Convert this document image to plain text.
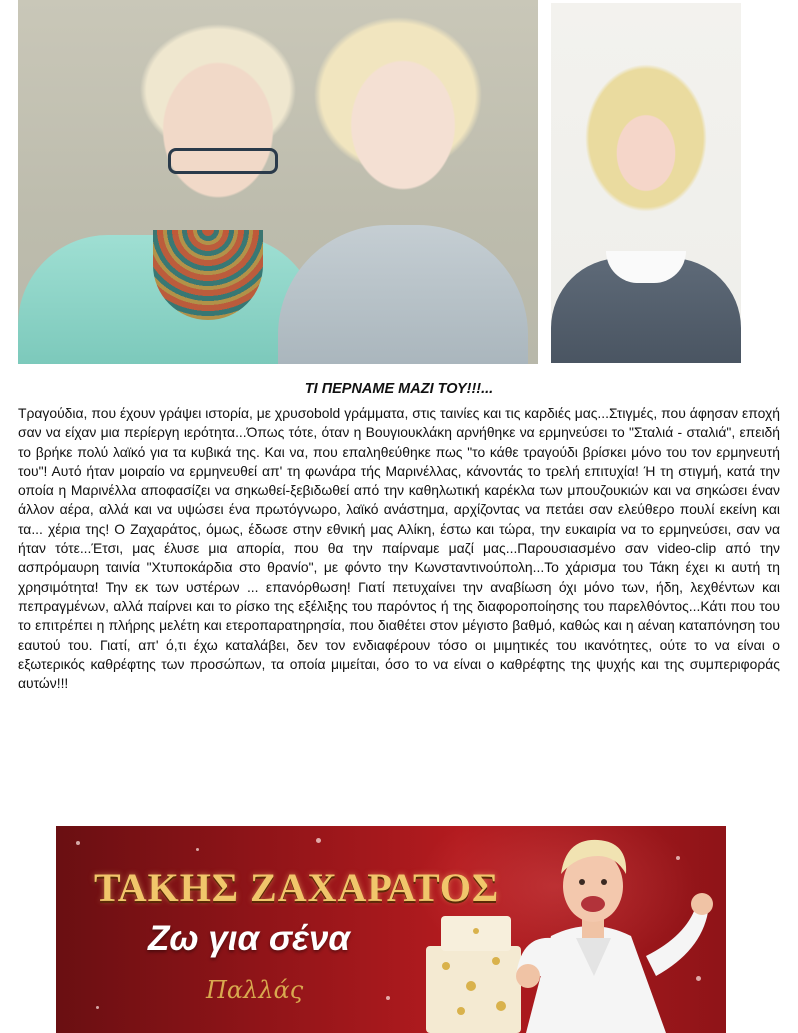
ΤΙ ΠΕΡΝΑΜΕ ΜΑΖΙ ΤΟΥ!!!...

Τραγούδια, που έχουν γράψει ιστορία, με χρυσοbold γράμματα, στις ταινίες και τις καρδιές μας...Στιγμές, που άφησαν εποχή σαν να είχαν μια περίεργη ιερότητα...Όπως τότε, όταν η Βουγιουκλάκη αρνήθηκε να ερμηνεύσει το "Σταλιά - σταλιά", επειδή το βρήκε πολύ λαϊκό για τα κυβικά της. Και να, που επαληθεύθηκε πως "το κάθε τραγούδι βρίσκει μόνο του τον ερμηνευτή του"! Αυτό ήταν μοιραίο να ερμηνευθεί απ' τη φωνάρα τής Μαρινέλλας, κάνοντάς το τρελή επιτυχία! Ή τη στιγμή, κατά την οποία η Μαρινέλλα αποφασίζει να σηκωθεί-ξεβιδωθεί από την καθηλωτική καρέκλα των μπουζουκιών και να σηκώσει έναν άλλον αέρα, αλλά και να υψώσει ένα πρωτόγνωρο, λαϊκό ανάστημα, αρχίζοντας να πετάει σαν ελεύθερο πουλί εκείνη και τα... χέρια της! Ο Ζαχαράτος, όμως, έδωσε στην εθνική μας Αλίκη, έστω και τώρα, την ευκαιρία να το ερμηνεύσει, σαν να ήταν τότε...Έτσι, μας έλυσε μια απορία, που θα την παίρναμε μαζί μας...Παρουσιασμένο σαν video-clip από την ασπρόμαυρη ταινία "Χτυποκάρδια στο θρανίο", με φόντο την Κωνσταντινούπολη...Το χάρισμα του Τάκη έχει κι αυτή τη χρησιμότητα! Την εκ των υστέρων ... επανόρθωση! Γιατί πετυχαίνει την αναβίωση όχι μόνο των, ήδη, λεχθέντων και πεπραγμένων, αλλά παίρνει και το ρίσκο της εξέλιξης του παρόντος ή της διαφοροποίησης του παρελθόντος...Κάτι που του το επιτρέπει η πλήρης μελέτη και ετεροπαρατηρησία, που διαθέτει στον μέγιστο βαθμό, καθώς και η αέναη καταπόνηση του εαυτού του. Γιατί, απ' ό,τι έχω καταλάβει, δεν τον ενδιαφέρουν τόσο οι μιμητικές του ικανότητες, ούτε το να είναι ο εξωτερικός καθρέφτης των προσώπων, τα οποία μιμείται, όσο το να είναι ο καθρέφτης της ψυχής και της συμπεριφοράς αυτών!!!

ΤΑΚΗΣ ΖΑΧΑΡΑΤΟΣ

Ζω για σένα

Παλλάς
